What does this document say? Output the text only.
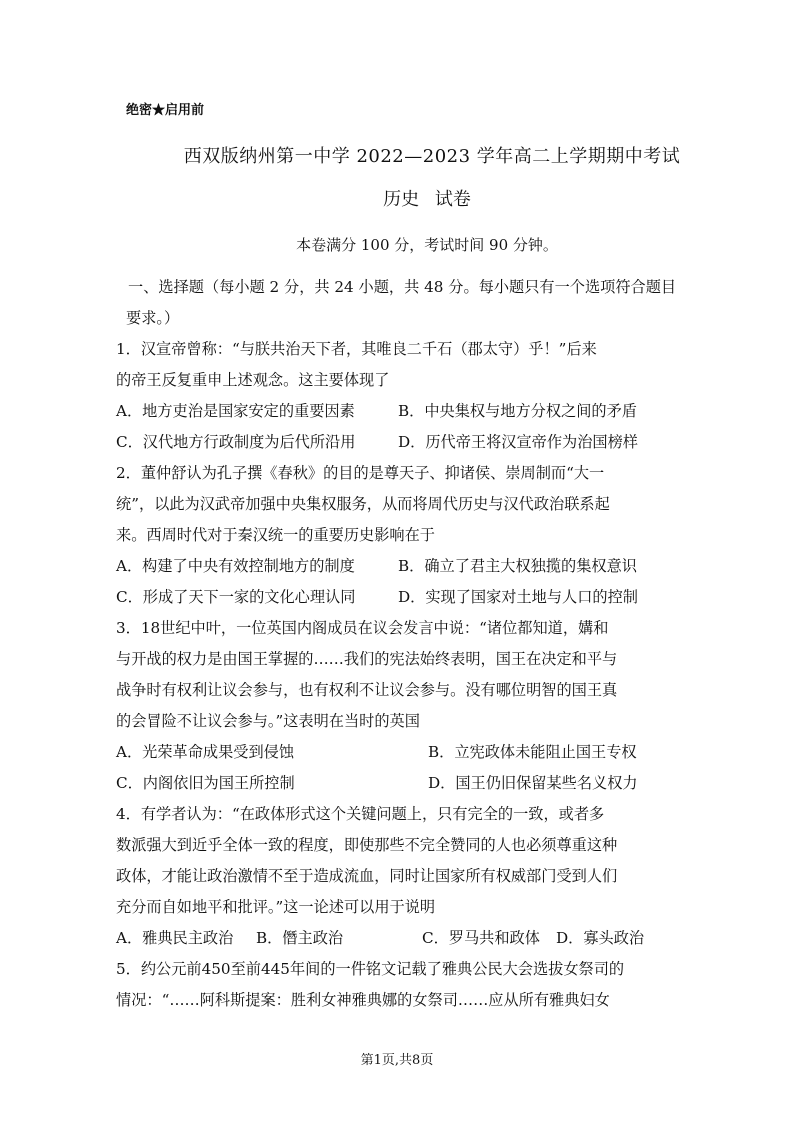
绝密★启用前
西双版纳州第一中学 2022—2023 学年高二上学期期中考试
历史 试卷
本卷满分 100 分，考试时间 90 分钟。
一、选择题（每小题 2 分，共 24 小题，共 48 分。每小题只有一个选项符合题目
要求。）
1．汉宣帝曾称：“与朕共治天下者，其唯良二千石（郡太守）乎！”后来
的帝王反复重申上述观念。这主要体现了
A．地方吏治是国家安定的重要因素	B．中央集权与地方分权之间的矛盾
C．汉代地方行政制度为后代所沿用	D．历代帝王将汉宣帝作为治国榜样
2．董仲舒认为孔子撰《春秋》的目的是尊天子、抑诸侯、崇周制而“大一
统”，以此为汉武帝加强中央集权服务，从而将周代历史与汉代政治联系起
来。西周时代对于秦汉统一的重要历史影响在于
A．构建了中央有效控制地方的制度	B．确立了君主大权独揽的集权意识
C．形成了天下一家的文化心理认同	D．实现了国家对土地与人口的控制
3．18世纪中叶，一位英国内阁成员在议会发言中说：“诸位都知道，媾和
与开战的权力是由国王掌握的……我们的宪法始终表明，国王在决定和平与
战争时有权利让议会参与，也有权利不让议会参与。没有哪位明智的国王真
的会冒险不让议会参与。”这表明在当时的英国
A．光荣革命成果受到侵蚀	B．立宪政体未能阻止国王专权
C．内阁依旧为国王所控制	D．国王仍旧保留某些名义权力
4．有学者认为：“在政体形式这个关键问题上，只有完全的一致，或者多
数派强大到近乎全体一致的程度，即使那些不完全赞同的人也必须尊重这种
政体，才能让政治激情不至于造成流血，同时让国家所有权威部门受到人们
充分而自如地平和批评。”这一论述可以用于说明
A．雅典民主政治	B．僭主政治	C．罗马共和政体	D．寡头政治
5．约公元前450至前445年间的一件铭文记载了雅典公民大会选拔女祭司的
情况：“……阿科斯提案：胜利女神雅典娜的女祭司……应从所有雅典妇女
第1页,共8页
